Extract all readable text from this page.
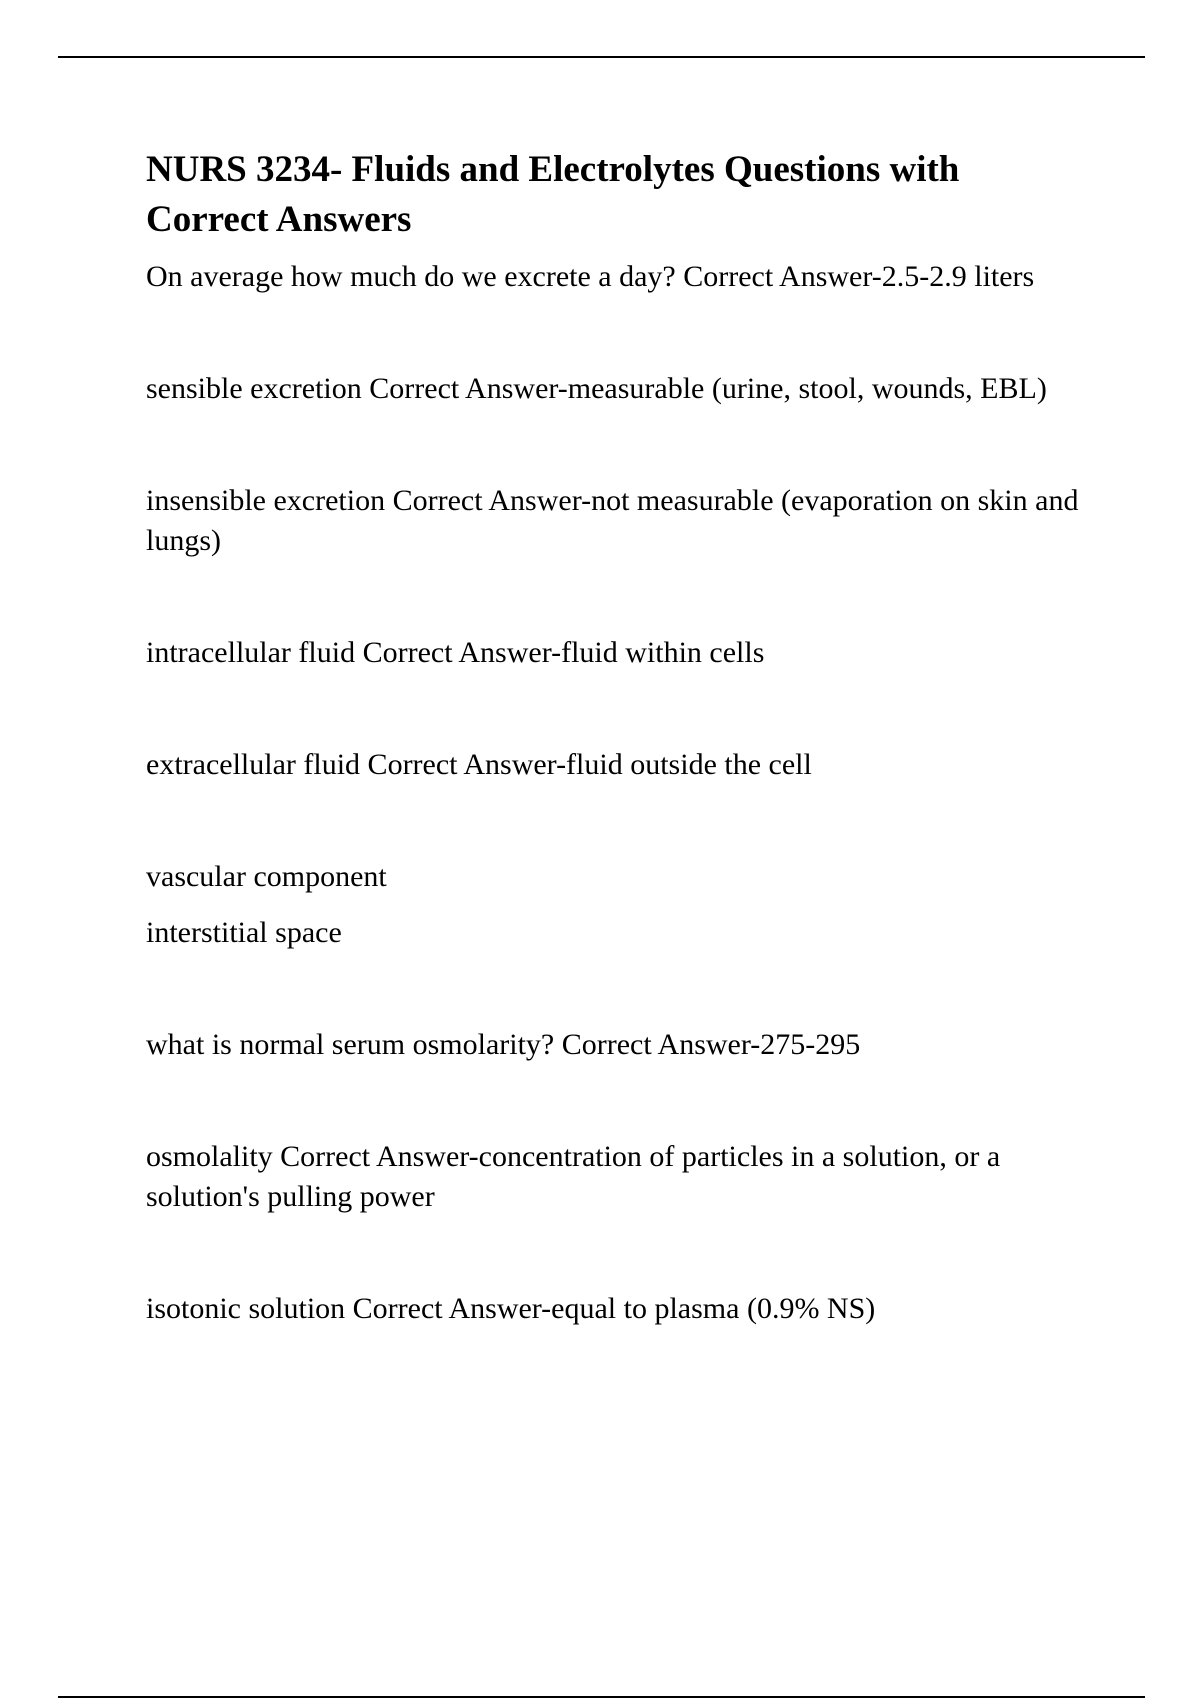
NURS 3234- Fluids and Electrolytes Questions with Correct Answers

On average how much do we excrete a day? Correct Answer-2.5-2.9 liters

sensible excretion Correct Answer-measurable (urine, stool, wounds, EBL)

insensible excretion Correct Answer-not measurable (evaporation on skin and lungs)

intracellular fluid Correct Answer-fluid within cells

extracellular fluid Correct Answer-fluid outside the cell

vascular component

interstitial space

what is normal serum osmolarity? Correct Answer-275-295

osmolality Correct Answer-concentration of particles in a solution, or a solution's pulling power

isotonic solution Correct Answer-equal to plasma (0.9% NS)
